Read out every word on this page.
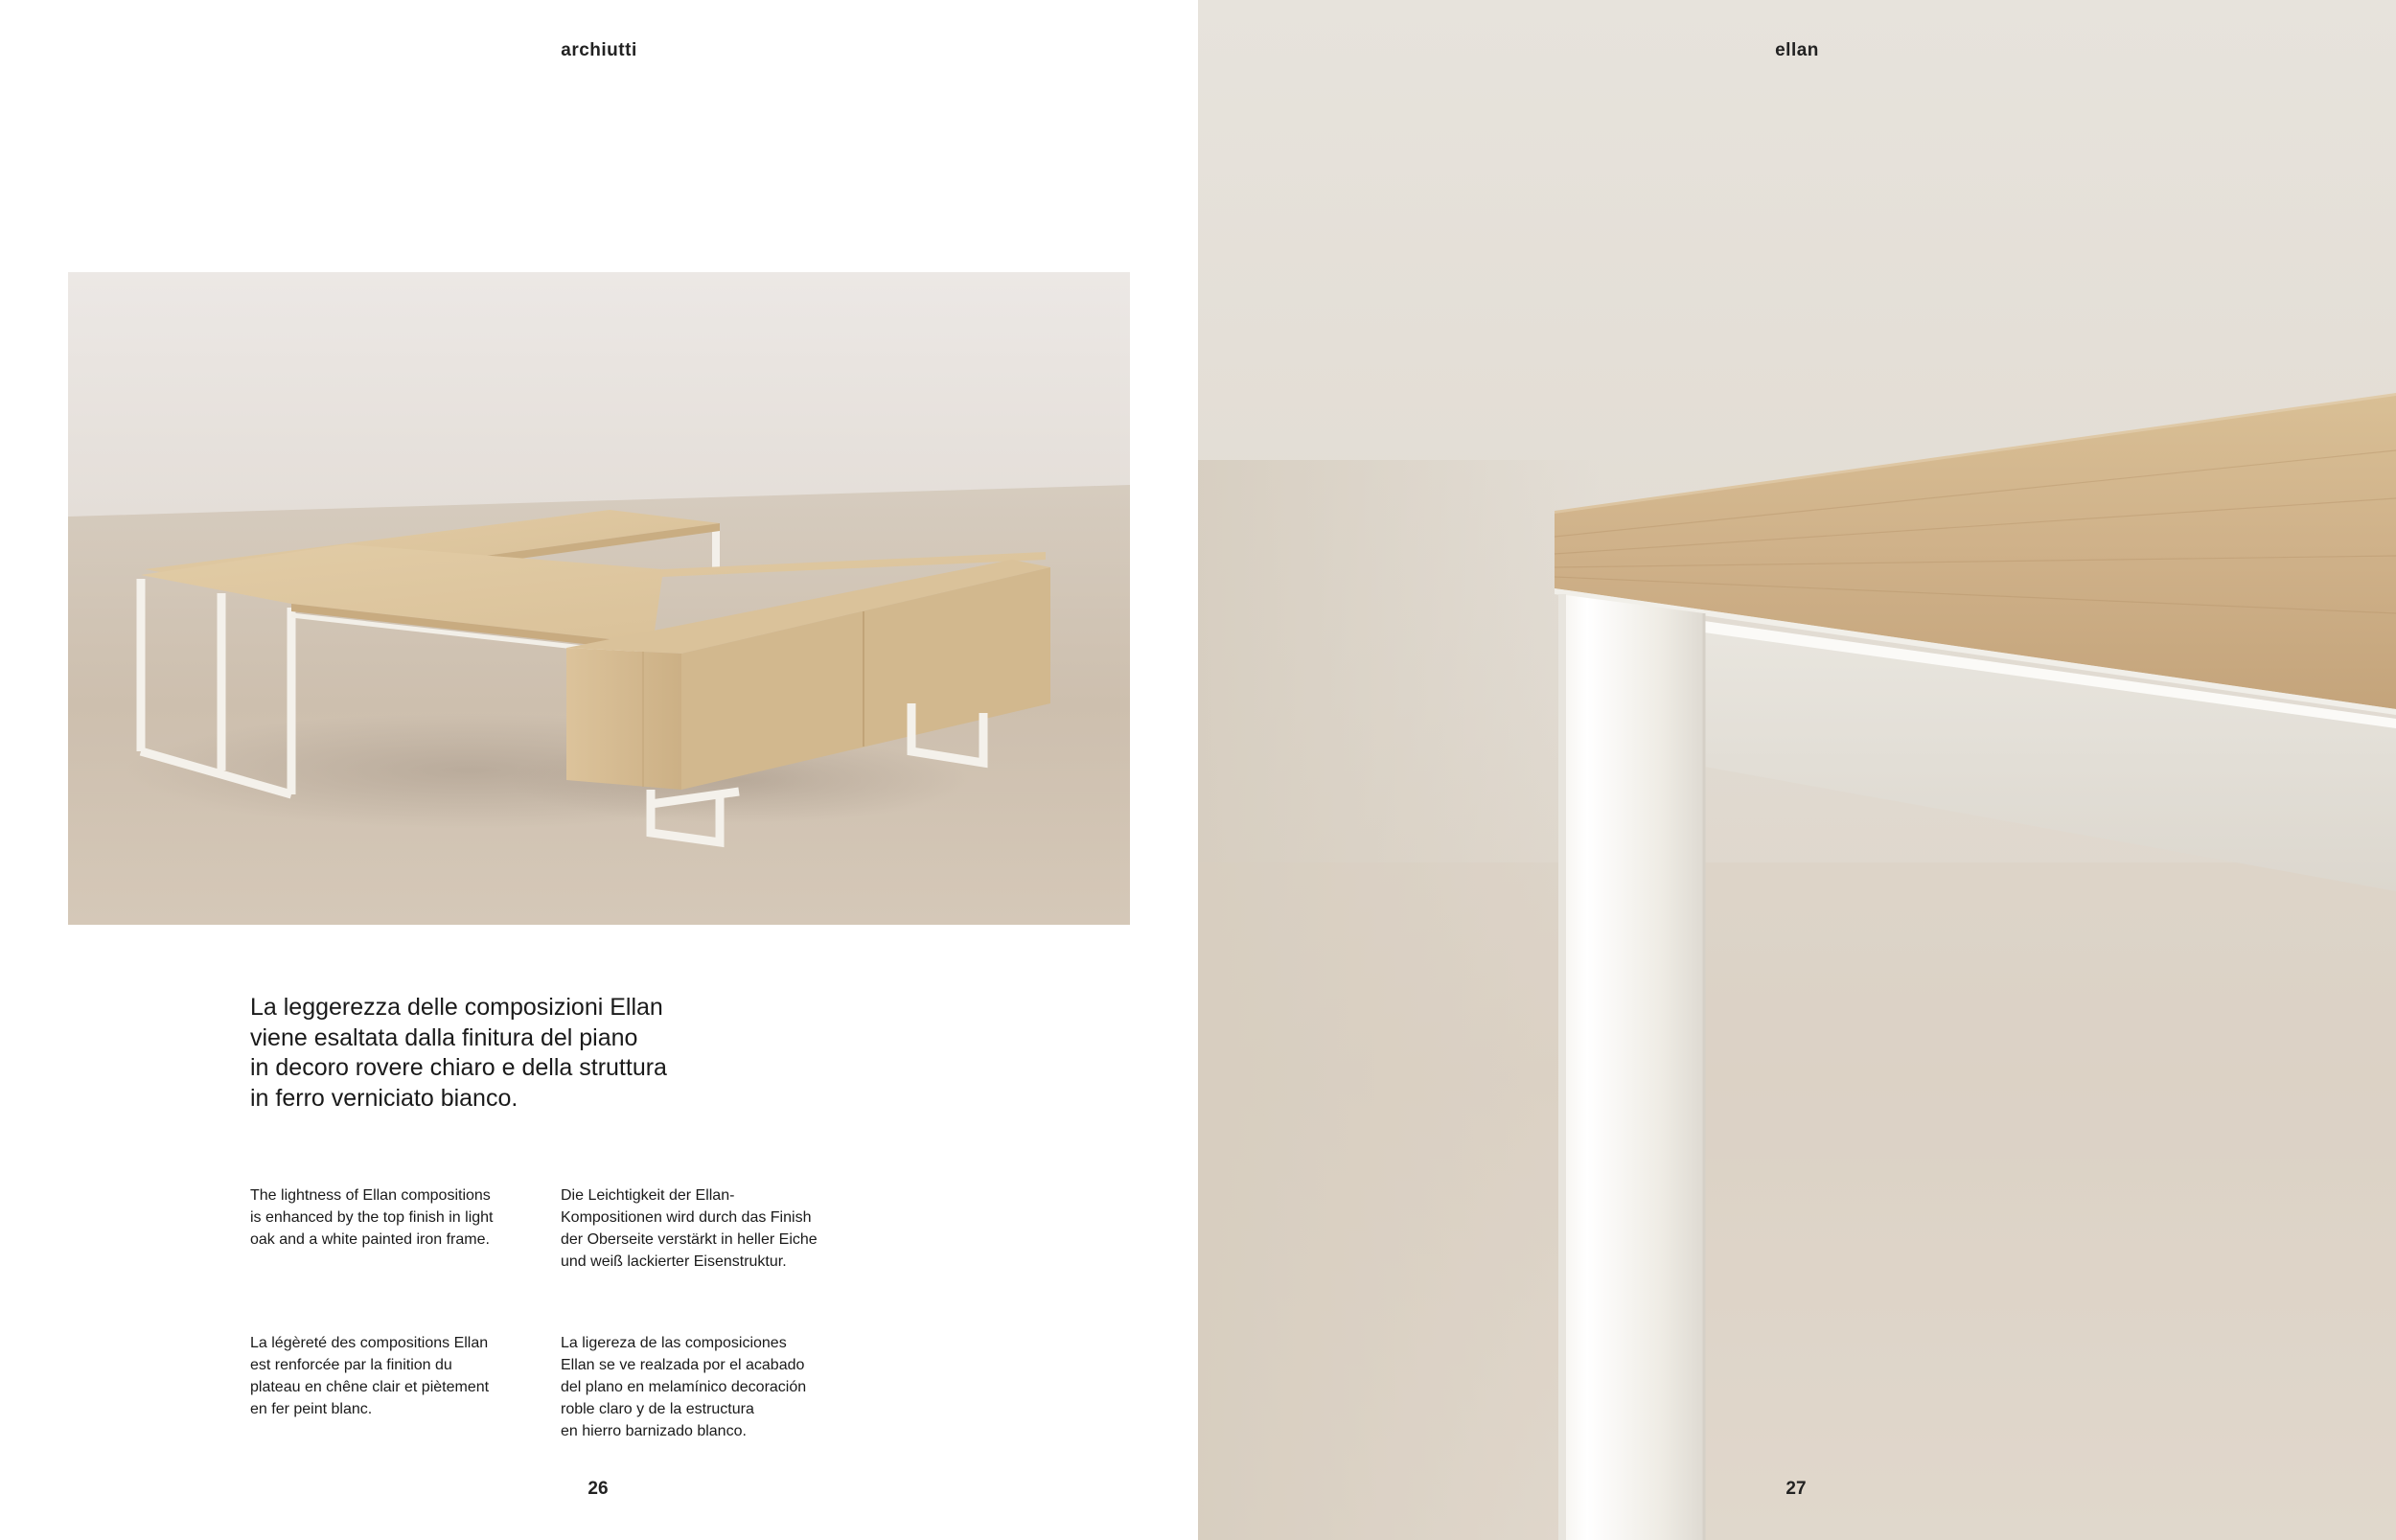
archiutti
La leggerezza delle composizioni Ellan
viene esaltata dalla finitura del piano
in decoro rovere chiaro e della struttura
in ferro verniciato bianco.
The lightness of Ellan compositions
is enhanced by the top finish in light
oak and a white painted iron frame.
Die Leichtigkeit der Ellan-
Kompositionen wird durch das Finish
der Oberseite verstärkt in heller Eiche
und weiß lackierter Eisenstruktur.
La légèreté des compositions Ellan
est renforcée par la finition du
plateau en chêne clair et piètement
en fer peint blanc.
La ligereza de las composiciones
Ellan se ve realzada por el acabado
del plano en melamínico decoración
roble claro y de la estructura
en hierro barnizado blanco.
26
ellan
27
